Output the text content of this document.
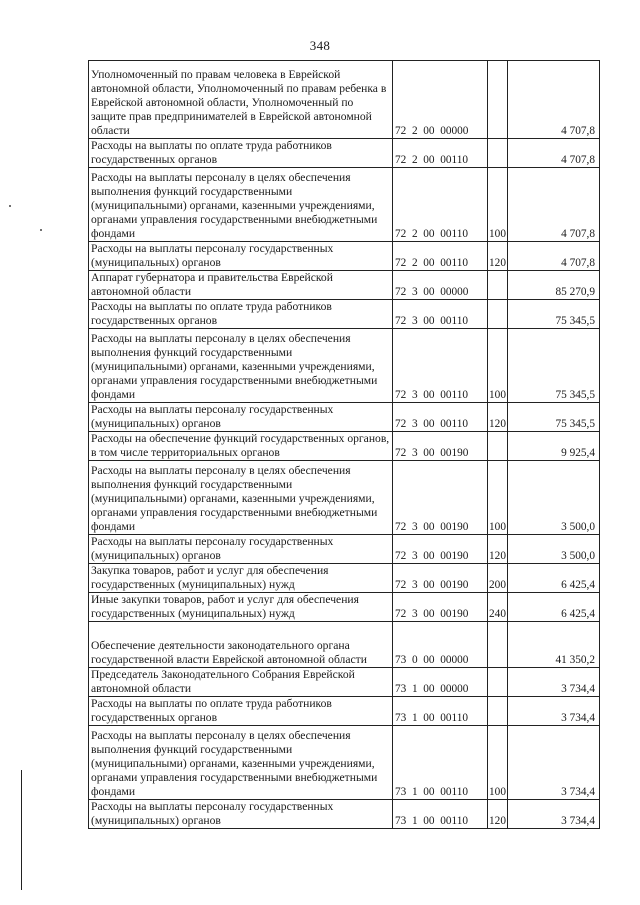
348
Уполномоченный по правам человека в Еврейской автономной области, Уполномоченный по правам ребенка в Еврейской автономной области, Уполномоченный по защите прав предпринимателей в Еврейской автономной области	72  2  00  00000		4 707,8
Расходы на выплаты по оплате труда работников государственных органов	72  2  00  00110		4 707,8
Расходы на выплаты персоналу в целях обеспечения выполнения функций государственными (муниципальными) органами, казенными учреждениями, органами управления государственными внебюджетными фондами	72  2  00  00110	100	4 707,8
Расходы на выплаты персоналу государственных (муниципальных) органов	72  2  00  00110	120	4 707,8
Аппарат губернатора и правительства Еврейской автономной области	72  3  00  00000		85 270,9
Расходы на выплаты по оплате труда работников государственных органов	72  3  00  00110		75 345,5
Расходы на выплаты персоналу в целях обеспечения выполнения функций государственными (муниципальными) органами, казенными учреждениями, органами управления государственными внебюджетными фондами	72  3  00  00110	100	75 345,5
Расходы на выплаты персоналу государственных (муниципальных) органов	72  3  00  00110	120	75 345,5
Расходы на обеспечение функций государственных органов, в том числе территориальных органов	72  3  00  00190		9 925,4
Расходы на выплаты персоналу в целях обеспечения выполнения функций государственными (муниципальными) органами, казенными учреждениями, органами управления государственными внебюджетными фондами	72  3  00  00190	100	3 500,0
Расходы на выплаты персоналу государственных (муниципальных) органов	72  3  00  00190	120	3 500,0
Закупка товаров, работ и услуг для обеспечения государственных (муниципальных) нужд	72  3  00  00190	200	6 425,4
Иные закупки товаров, работ и услуг для обеспечения государственных (муниципальных) нужд	72  3  00  00190	240	6 425,4
Обеспечение деятельности законодательного органа государственной власти Еврейской автономной области	73  0  00  00000		41 350,2
Председатель Законодательного Собрания Еврейской автономной области	73  1  00  00000		3 734,4
Расходы на выплаты по оплате труда работников государственных органов	73  1  00  00110		3 734,4
Расходы на выплаты персоналу в целях обеспечения выполнения функций государственными (муниципальными) органами, казенными учреждениями, органами управления государственными внебюджетными фондами	73  1  00  00110	100	3 734,4
Расходы на выплаты персоналу государственных (муниципальных) органов	73  1  00  00110	120	3 734,4
